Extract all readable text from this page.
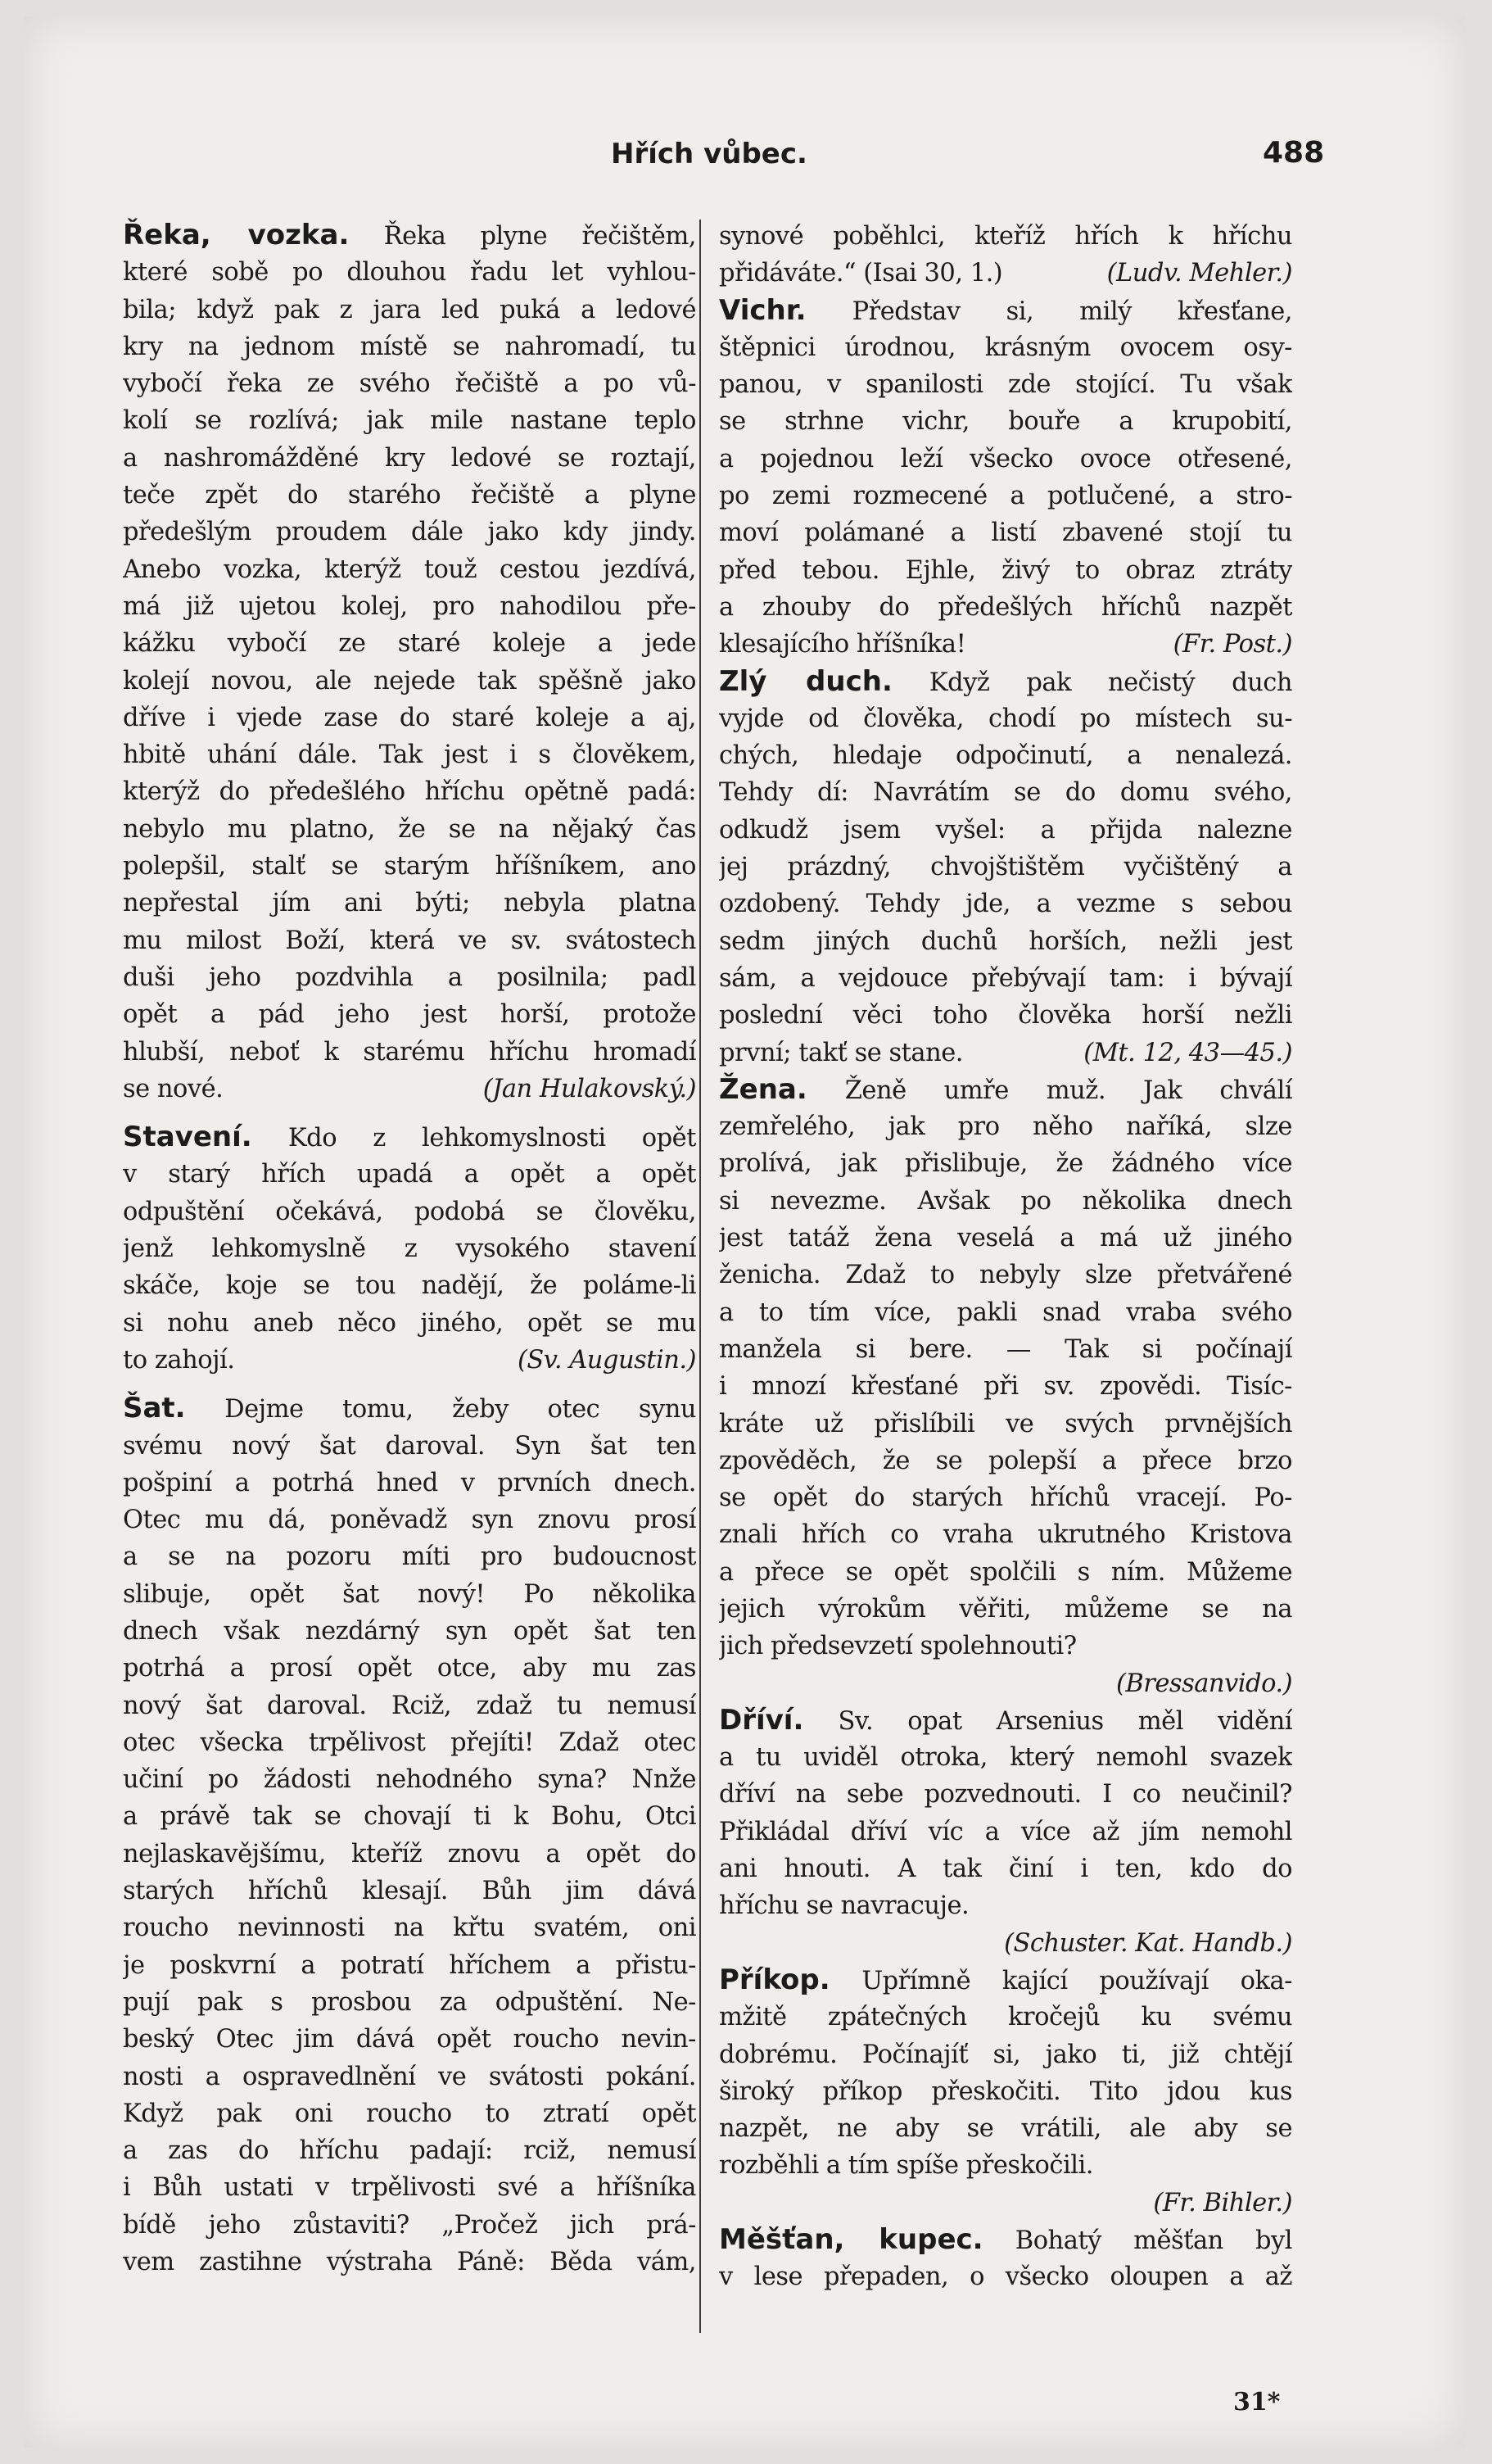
Hřích vůbec.	488
Řeka, vozka. Řeka plyne řečištěm,
které sobě po dlouhou řadu let vyhlou-
bila; když pak z jara led puká a ledové
kry na jednom místě se nahromadí, tu
vybočí řeka ze svého řečiště a po vů-
kolí se rozlívá; jak mile nastane teplo
a nashromážděné kry ledové se roztají,
teče zpět do starého řečiště a plyne
předešlým proudem dále jako kdy jindy.
Anebo vozka, kterýž touž cestou jezdívá,
má již ujetou kolej, pro nahodilou pře-
kážku vybočí ze staré koleje a jede
kolejí novou, ale nejede tak spěšně jako
dříve i vjede zase do staré koleje a aj,
hbitě uhání dále. Tak jest i s člověkem,
kterýž do předešlého hříchu opětně padá:
nebylo mu platno, že se na nějaký čas
polepšil, stalť se starým hříšníkem, ano
nepřestal jím ani býti; nebyla platna
mu milost Boží, která ve sv. svátostech
duši jeho pozdvihla a posilnila; padl
opět a pád jeho jest horší, protože
hlubší, neboť k starému hříchu hromadí
se nové.	(Jan Hulakovský.)
Stavení. Kdo z lehkomyslnosti opět
v starý hřích upadá a opět a opět
odpuštění očekává, podobá se člověku,
jenž lehkomyslně z vysokého stavení
skáče, koje se tou nadějí, že poláme-li
si nohu aneb něco jiného, opět se mu
to zahojí.	(Sv. Augustin.)
Šat. Dejme tomu, žeby otec synu
svému nový šat daroval. Syn šat ten
pošpiní a potrhá hned v prvních dnech.
Otec mu dá, poněvadž syn znovu prosí
a se na pozoru míti pro budoucnost
slibuje, opět šat nový! Po několika
dnech však nezdárný syn opět šat ten
potrhá a prosí opět otce, aby mu zas
nový šat daroval. Rciž, zdaž tu nemusí
otec všecka trpělivost přejíti! Zdaž otec
učiní po žádosti nehodného syna? Nnže
a právě tak se chovají ti k Bohu, Otci
nejlaskavějšímu, kteříž znovu a opět do
starých hříchů klesají. Bůh jim dává
roucho nevinnosti na křtu svatém, oni
je poskvrní a potratí hříchem a přistu-
pují pak s prosbou za odpuštění. Ne-
beský Otec jim dává opět roucho nevin-
nosti a ospravedlnění ve svátosti pokání.
Když pak oni roucho to ztratí opět
a zas do hříchu padají: rciž, nemusí
i Bůh ustati v trpělivosti své a hříšníka
bídě jeho zůstaviti? „Pročež jich prá-
vem zastihne výstraha Páně: Běda vám,
synové poběhlci, kteříž hřích k hříchu
přidáváte.“ (Isai 30, 1.)	(Ludv. Mehler.)
Vichr. Představ si, milý křesťane,
štěpnici úrodnou, krásným ovocem osy-
panou, v spanilosti zde stojící. Tu však
se strhne vichr, bouře a krupobití,
a pojednou leží všecko ovoce otřesené,
po zemi rozmecené a potlučené, a stro-
moví polámané a listí zbavené stojí tu
před tebou. Ejhle, živý to obraz ztráty
a zhouby do předešlých hříchů nazpět
klesajícího hříšníka!	(Fr. Post.)
Zlý duch. Když pak nečistý duch
vyjde od člověka, chodí po místech su-
chých, hledaje odpočinutí, a nenalezá.
Tehdy dí: Navrátím se do domu svého,
odkudž jsem vyšel: a přijda nalezne
jej prázdný, chvojštištěm vyčištěný a
ozdobený. Tehdy jde, a vezme s sebou
sedm jiných duchů horších, nežli jest
sám, a vejdouce přebývají tam: i bývají
poslední věci toho člověka horší nežli
první; takť se stane.	(Mt. 12, 43—45.)
Žena. Ženě umře muž. Jak chválí
zemřelého, jak pro něho naříká, slze
prolívá, jak přislibuje, že žádného více
si nevezme. Avšak po několika dnech
jest tatáž žena veselá a má už jiného
ženicha. Zdaž to nebyly slze přetvářené
a to tím více, pakli snad vraba svého
manžela si bere. — Tak si počínají
i mnozí křesťané při sv. zpovědi. Tisíc-
kráte už přislíbili ve svých prvnějších
zpověděch, že se polepší a přece brzo
se opět do starých hříchů vracejí. Po-
znali hřích co vraha ukrutného Kristova
a přece se opět spolčili s ním. Můžeme
jejich výrokům věřiti, můžeme se na
jich předsevzetí spolehnouti?
(Bressanvido.)
Dříví. Sv. opat Arsenius měl vidění
a tu uviděl otroka, který nemohl svazek
dříví na sebe pozvednouti. I co neučinil?
Přikládal dříví víc a více až jím nemohl
ani hnouti. A tak činí i ten, kdo do
hříchu se navracuje.
(Schuster. Kat. Handb.)
Příkop. Upřímně kající používají oka-
mžitě zpátečných kročejů ku svému
dobrému. Počínajíť si, jako ti, již chtějí
široký příkop přeskočiti. Tito jdou kus
nazpět, ne aby se vrátili, ale aby se
rozběhli a tím spíše přeskočili.
(Fr. Bihler.)
Měšťan, kupec. Bohatý měšťan byl
v lese přepaden, o všecko oloupen a až
31*
